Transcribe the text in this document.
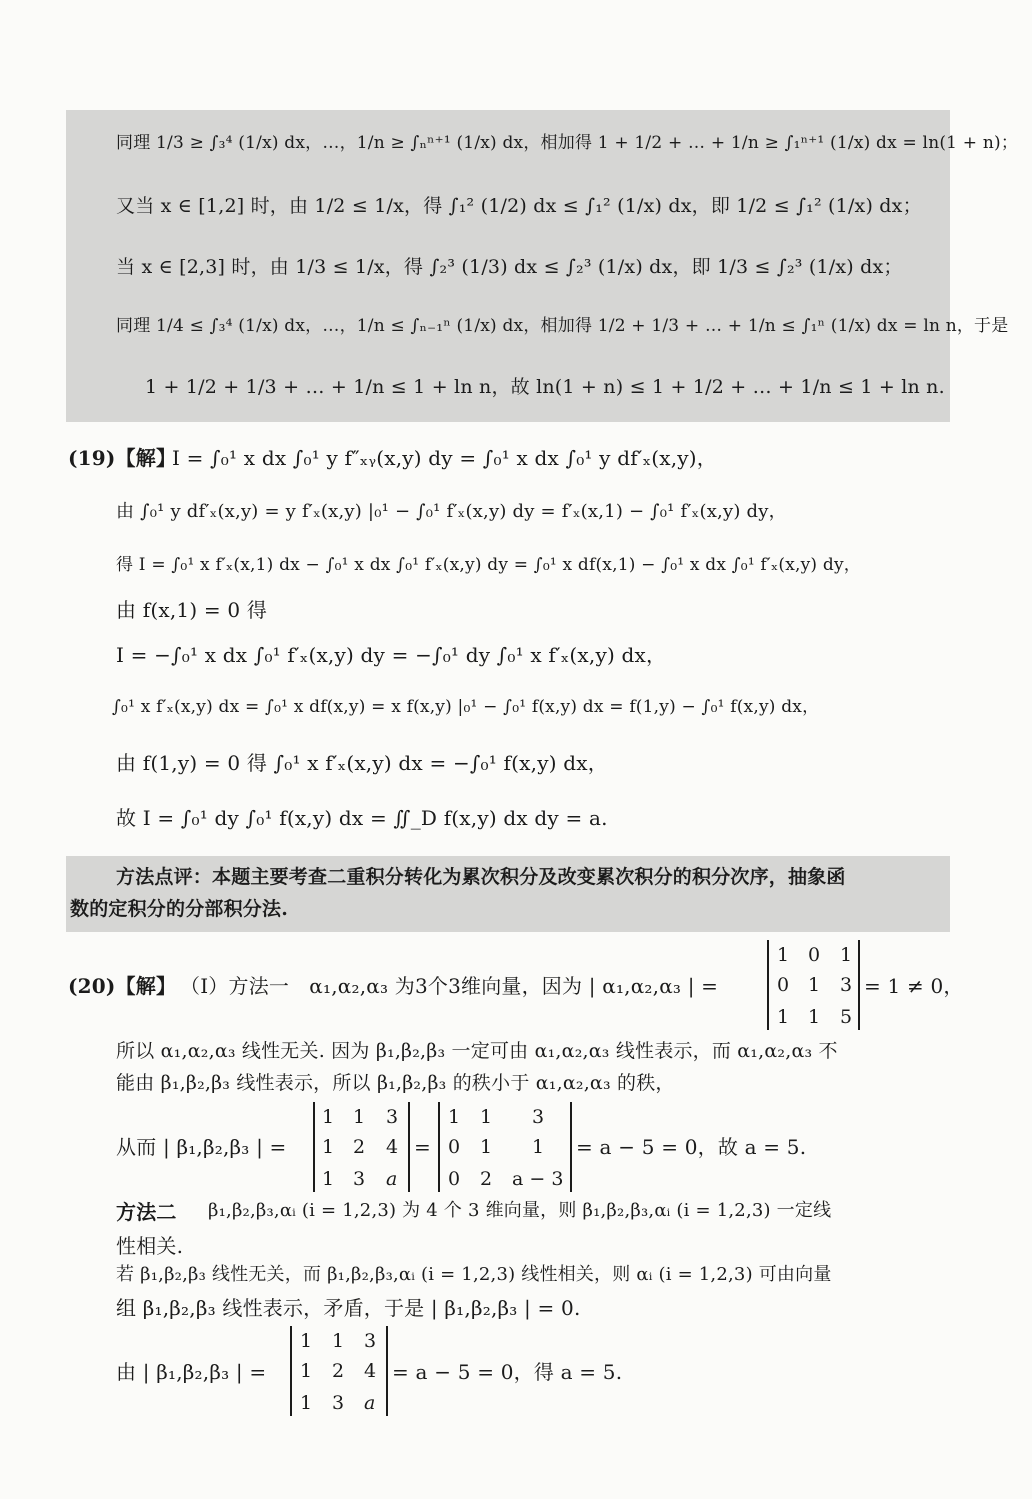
同理 1/3 ≥ ∫₃⁴ (1/x) dx，…，1/n ≥ ∫ₙⁿ⁺¹ (1/x) dx，相加得 1 + 1/2 + … + 1/n ≥ ∫₁ⁿ⁺¹ (1/x) dx = ln(1 + n)；
又当 x ∈ [1,2] 时，由 1/2 ≤ 1/x，得 ∫₁² (1/2) dx ≤ ∫₁² (1/x) dx，即 1/2 ≤ ∫₁² (1/x) dx；
当 x ∈ [2,3] 时，由 1/3 ≤ 1/x，得 ∫₂³ (1/3) dx ≤ ∫₂³ (1/x) dx，即 1/3 ≤ ∫₂³ (1/x) dx；
同理 1/4 ≤ ∫₃⁴ (1/x) dx，…，1/n ≤ ∫ₙ₋₁ⁿ (1/x) dx，相加得 1/2 + 1/3 + … + 1/n ≤ ∫₁ⁿ (1/x) dx = ln n，于是
1 + 1/2 + 1/3 + … + 1/n ≤ 1 + ln n，故 ln(1 + n) ≤ 1 + 1/2 + … + 1/n ≤ 1 + ln n.
(19)【解】
I = ∫₀¹ x dx ∫₀¹ y f″ₓᵧ(x,y) dy = ∫₀¹ x dx ∫₀¹ y df′ₓ(x,y)，
由 ∫₀¹ y df′ₓ(x,y) = y f′ₓ(x,y) |₀¹ − ∫₀¹ f′ₓ(x,y) dy = f′ₓ(x,1) − ∫₀¹ f′ₓ(x,y) dy，
得 I = ∫₀¹ x f′ₓ(x,1) dx − ∫₀¹ x dx ∫₀¹ f′ₓ(x,y) dy = ∫₀¹ x df(x,1) − ∫₀¹ x dx ∫₀¹ f′ₓ(x,y) dy，
由 f(x,1) = 0 得
I = −∫₀¹ x dx ∫₀¹ f′ₓ(x,y) dy = −∫₀¹ dy ∫₀¹ x f′ₓ(x,y) dx，
∫₀¹ x f′ₓ(x,y) dx = ∫₀¹ x df(x,y) = x f(x,y) |₀¹ − ∫₀¹ f(x,y) dx = f(1,y) − ∫₀¹ f(x,y) dx，
由 f(1,y) = 0 得 ∫₀¹ x f′ₓ(x,y) dx = −∫₀¹ f(x,y) dx，
故 I = ∫₀¹ dy ∫₀¹ f(x,y) dx = ∬_D f(x,y) dx dy = a.
方法点评：本题主要考查二重积分转化为累次积分及改变累次积分的积分次序，抽象函
数的定积分的分部积分法.
(20)【解】 （Ⅰ）方法一　α₁,α₂,α₃ 为3个3维向量，因为 | α₁,α₂,α₃ | =
1 0 1
0 1 3
1 1 5
= 1 ≠ 0，
所以 α₁,α₂,α₃ 线性无关. 因为 β₁,β₂,β₃ 一定可由 α₁,α₂,α₃ 线性表示，而 α₁,α₂,α₃ 不
能由 β₁,β₂,β₃ 线性表示，所以 β₁,β₂,β₃ 的秩小于 α₁,α₂,α₃ 的秩，
从而 | β₁,β₂,β₃ | =
1 1 3
1 2 4
1 3 a
=
1 1 3
0 1 1
0 2 a − 3
= a − 5 = 0，故 a = 5.
方法二 β₁,β₂,β₃,αᵢ (i = 1,2,3) 为 4 个 3 维向量，则 β₁,β₂,β₃,αᵢ (i = 1,2,3) 一定线
性相关.
若 β₁,β₂,β₃ 线性无关，而 β₁,β₂,β₃,αᵢ (i = 1,2,3) 线性相关，则 αᵢ (i = 1,2,3) 可由向量
组 β₁,β₂,β₃ 线性表示，矛盾，于是 | β₁,β₂,β₃ | = 0.
由 | β₁,β₂,β₃ | =
1 1 3
1 2 4
1 3 a
= a − 5 = 0，得 a = 5.
